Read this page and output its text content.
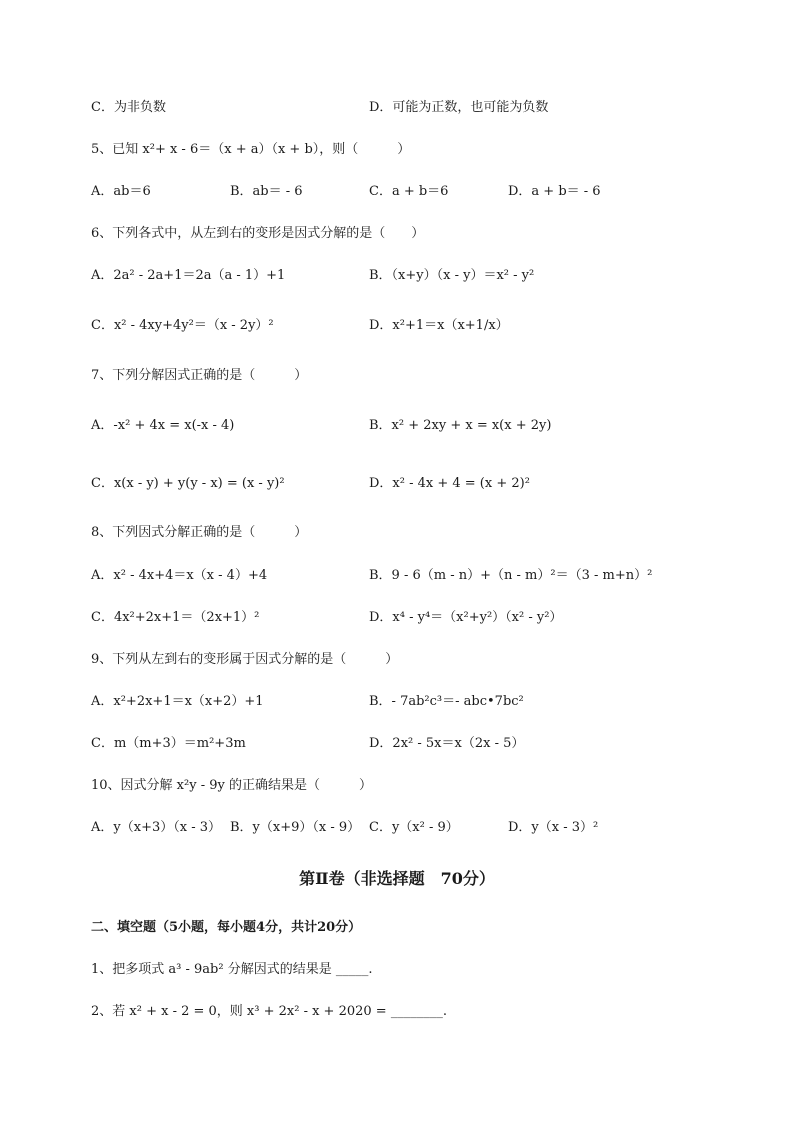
C．为非负数	D．可能为正数，也可能为负数
5、已知 x²+ x - 6＝（x + a）（x + b），则（　　　）
A．ab＝6	B．ab＝ - 6	C．a + b＝6	D．a + b＝ - 6
6、下列各式中，从左到右的变形是因式分解的是（　　）
A．2a² - 2a+1＝2a（a - 1）+1	B．（x+y）（x - y）＝x² - y²
C．x² - 4xy+4y²＝（x - 2y）²	D．x²+1＝x（x+1/x）
7、下列分解因式正确的是（　　　）
A．-x² + 4x = x(-x - 4)	B．x² + 2xy + x = x(x + 2y)
C．x(x - y) + y(y - x) = (x - y)²	D．x² - 4x + 4 = (x + 2)²
8、下列因式分解正确的是（　　　）
A．x² - 4x+4＝x（x - 4）+4	B．9 - 6（m - n）+（n - m）²＝（3 - m+n）²
C．4x²+2x+1＝（2x+1）²	D．x⁴ - y⁴＝（x²+y²）（x² - y²）
9、下列从左到右的变形属于因式分解的是（　　　）
A．x²+2x+1＝x（x+2）+1	B．- 7ab²c³＝- abc•7bc²
C．m（m+3）＝m²+3m	D．2x² - 5x＝x（2x - 5）
10、因式分解 x²y - 9y 的正确结果是（　　　）
A．y（x+3）（x - 3） B．y（x+9）（x - 9） C．y（x² - 9）	D．y（x - 3）²
第Ⅱ卷（非选择题　70分）
二、填空题（5小题，每小题4分，共计20分）
1、把多项式 a³ - 9ab² 分解因式的结果是 _____.
2、若 x² + x - 2 = 0，则 x³ + 2x² - x + 2020 = ________.
